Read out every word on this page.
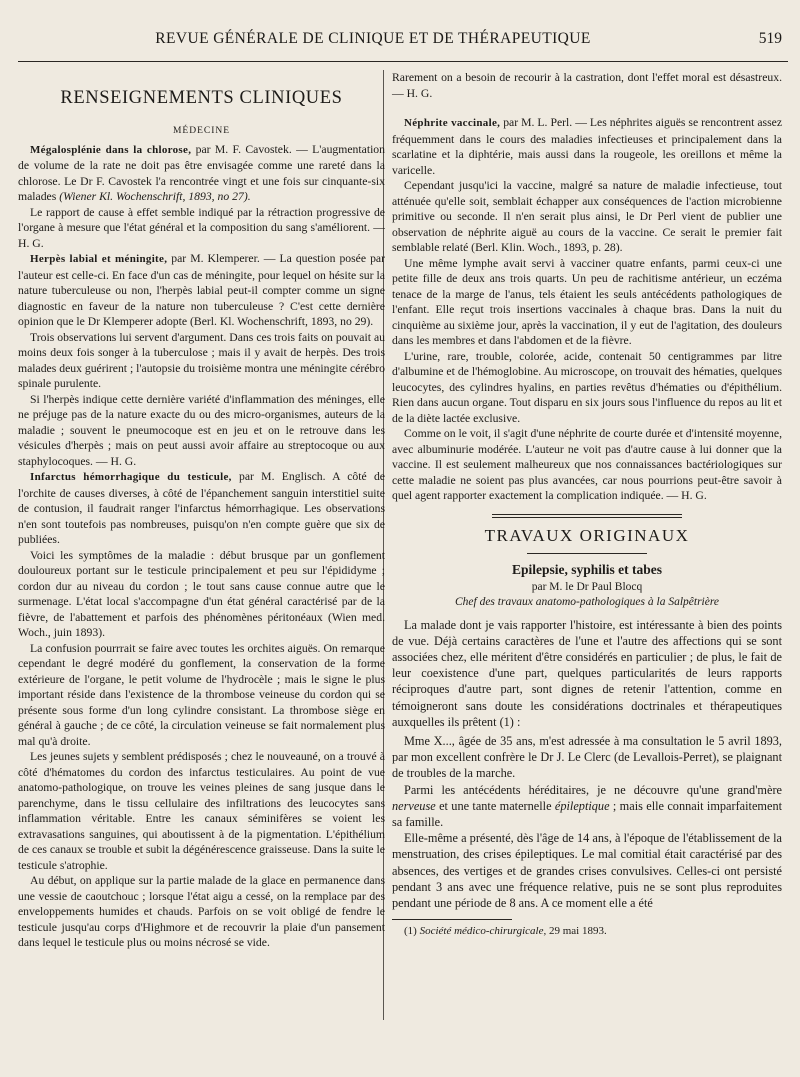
REVUE GÉNÉRALE DE CLINIQUE ET DE THÉRAPEUTIQUE	519
RENSEIGNEMENTS CLINIQUES
MÉDECINE

Mégalosplénie dans la chlorose, par M. F. Cavostek. — L'augmentation de volume de la rate ne doit pas être envisagée comme une rareté dans la chlorose. Le Dr F. Cavostek l'a rencontrée vingt et une fois sur cinquante-six malades (Wiener Kl. Wochenschrift, 1893, no 27).

Le rapport de cause à effet semble indiqué par la rétraction progressive de l'organe à mesure que l'état général et la composition du sang s'améliorent. — H. G.

Herpès labial et méningite, par M. Klemperer. — La question posée par l'auteur est celle-ci. En face d'un cas de méningite, pour lequel on hésite sur la nature tuberculeuse ou non, l'herpès labial peut-il compter comme un signe diagnostic en faveur de la nature non tuberculeuse ? C'est cette dernière opinion que le Dr Klemperer adopte (Berl. Kl. Wochenschrift, 1893, no 29).

Trois observations lui servent d'argument. Dans ces trois faits on pouvait au moins deux fois songer à la tuberculose ; mais il y avait de herpès. Des trois malades deux guérirent ; l'autopsie du troisième montra une méningite cérébro spinale purulente.

Si l'herpès indique cette dernière variété d'inflammation des méninges, elle ne préjuge pas de la nature exacte du ou des micro-organismes, auteurs de la maladie ; souvent le pneumocoque est en jeu et on le retrouve dans les vésicules d'herpès ; mais on peut aussi avoir affaire au streptocoque ou aux staphylocoques. — H. G.

Infarctus hémorrhagique du testicule, par M. Englisch. A côté de l'orchite de causes diverses, à côté de l'épanchement sanguin interstitiel suite de contusion, il faudrait ranger l'infarctus hémorrhagique. Les observations n'en sont toutefois pas nombreuses, puisqu'on n'en compte guère que six de publiées.

Voici les symptômes de la maladie : début brusque par un gonflement douloureux portant sur le testicule principalement et peu sur l'épididyme ; cordon dur au niveau du cordon ; le tout sans cause connue autre que le surmenage. L'état local s'accompagne d'un état général caractérisé par de la fièvre, de l'abattement et parfois des phénomènes péritonéaux (Wien med. Woch., juin 1893).

La confusion pourrrait se faire avec toutes les orchites aiguës. On remarque cependant le degré modéré du gonflement, la conservation de la forme extérieure de l'organe, le petit volume de l'hydrocèle ; mais le signe le plus important réside dans l'existence de la thrombose veineuse du cordon qui se présente sous forme d'un long cylindre consistant. La thrombose siège en général à gauche ; de ce côté, la circulation veineuse se fait normalement plus mal qu'à droite.

Les jeunes sujets y semblent prédisposés ; chez le nouveauné, on a trouvé à côté d'hématomes du cordon des infarctus testiculaires. Au point de vue anatomo-pathologique, on trouve les veines pleines de sang jusque dans le parenchyme, dans le tissu cellulaire des infiltrations des leucocytes sans inflammation véritable. Entre les canaux séminifères se voient les extravasations sanguines, qui aboutissent à de la pigmentation. L'épithélium de ces canaux se trouble et subit la dégénérescence graisseuse. Dans la suite le testicule s'atrophie.

Au début, on applique sur la partie malade de la glace en permanence dans une vessie de caoutchouc ; lorsque l'état aigu a cessé, on la remplace par des enveloppements humides et chauds. Parfois on se voit obligé de fendre le testicule jusqu'au corps d'Highmore et de recouvrir la plaie d'un pansement dans lequel le testicule plus ou moins nécrosé se vide.

Rarement on a besoin de recourir à la castration, dont l'effet moral est désastreux. — H. G.

Néphrite vaccinale, par M. L. Perl. — Les néphrites aiguës se rencontrent assez fréquemment dans le cours des maladies infectieuses et principalement dans la scarlatine et la diphtérie, mais aussi dans la rougeole, les oreillons et même la varicelle.

Cependant jusqu'ici la vaccine, malgré sa nature de maladie infectieuse, tout atténuée qu'elle soit, semblait échapper aux conséquences de l'action microbienne primitive ou seconde. Il n'en serait plus ainsi, le Dr Perl vient de publier une observation de néphrite aiguë au cours de la vaccine. Ce serait le premier fait semblable relaté (Berl. Klin. Woch., 1893, p. 28).

Une même lymphe avait servi à vacciner quatre enfants, parmi ceux-ci une petite fille de deux ans trois quarts. Un peu de rachitisme antérieur, un eczéma tenace de la marge de l'anus, tels étaient les seuls antécédents pathologiques de l'enfant. Elle reçut trois insertions vaccinales à chaque bras. Dans la nuit du cinquième au sixième jour, après la vaccination, il y eut de l'agitation, des douleurs dans les membres et dans l'abdomen et de la fièvre.

L'urine, rare, trouble, colorée, acide, contenait 50 centigrammes par litre d'albumine et de l'hémoglobine. Au microscope, on trouvait des hématies, quelques leucocytes, des cylindres hyalins, en parties revêtus d'hématies ou d'épithélium. Rien dans aucun organe. Tout disparu en six jours sous l'influence du repos au lit et de la diète lactée exclusive.

Comme on le voit, il s'agit d'une néphrite de courte durée et d'intensité moyenne, avec albuminurie modérée. L'auteur ne voit pas d'autre cause à lui donner que la vaccine. Il est seulement malheureux que nos connaissances bactériologiques sur cette maladie ne soient pas plus avancées, car nous pourrions peut-être savoir à quel agent rapporter exactement la complication indiquée. — H. G.

TRAVAUX ORIGINAUX
Epilepsie, syphilis et tabes
par M. le Dr Paul Blocq
Chef des travaux anatomo-pathologiques à la Salpêtrière

La malade dont je vais rapporter l'histoire, est intéressante à bien des points de vue. Déjà certains caractères de l'une et l'autre des affections qui se sont associées chez, elle méritent d'être considérés en particulier ; de plus, le fait de leur coexistence d'une part, quelques particularités de leurs rapports réciproques d'autre part, sont dignes de retenir l'attention, comme en témoigneront sans doute les considérations doctrinales et thérapeutiques auxquelles ils prêtent (1) :

Mme X..., âgée de 35 ans, m'est adressée à ma consultation le 5 avril 1893, par mon excellent confrère le Dr J. Le Clerc (de Levallois-Perret), se plaignant de troubles de la marche.

Parmi les antécédents héréditaires, je ne découvre qu'une grand'mère nerveuse et une tante maternelle épileptique ; mais elle connait imparfaitement sa famille.

Elle-même a présenté, dès l'âge de 14 ans, à l'époque de l'établissement de la menstruation, des crises épileptiques. Le mal comitial était caractérisé par des absences, des vertiges et de grandes crises convulsives. Celles-ci ont persisté pendant 3 ans avec une fréquence relative, puis ne se sont plus reproduites pendant une période de 8 ans. A ce moment elle a été

(1) Société médico-chirurgicale, 29 mai 1893.
